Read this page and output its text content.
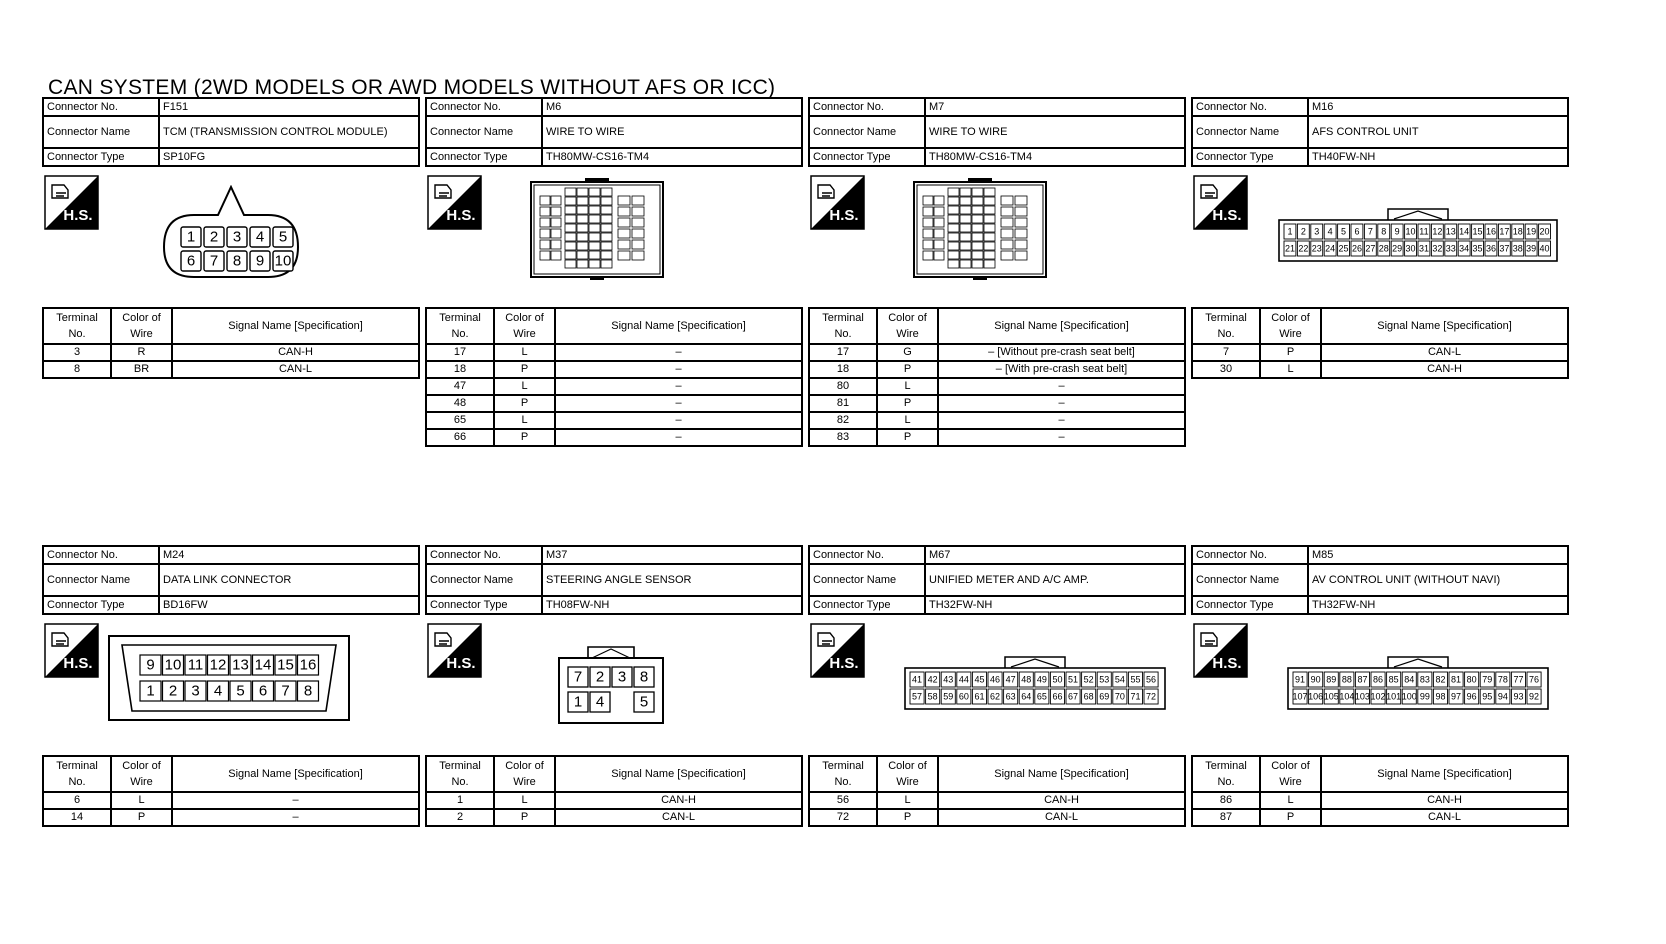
CAN SYSTEM (2WD MODELS OR AWD MODELS WITHOUT AFS OR ICC)
Connector No.	F151
Connector Name	TCM (TRANSMISSION CONTROL MODULE)
Connector Type	SP10FG
H.S.
1 2 3 4 5
6 7 8 9 10
Terminal No.	Color of Wire	Signal Name [Specification]
3	R	CAN-H
8	BR	CAN-L
Connector No.	M6
Connector Name	WIRE TO WIRE
Connector Type	TH80MW-CS16-TM4
H.S.
Terminal No.	Color of Wire	Signal Name [Specification]
17	L	–
18	P	–
47	L	–
48	P	–
65	L	–
66	P	–
Connector No.	M7
Connector Name	WIRE TO WIRE
Connector Type	TH80MW-CS16-TM4
H.S.
Terminal No.	Color of Wire	Signal Name [Specification]
17	G	– [Without pre-crash seat belt]
18	P	– [With pre-crash seat belt]
80	L	–
81	P	–
82	L	–
83	P	–
Connector No.	M16
Connector Name	AFS CONTROL UNIT
Connector Type	TH40FW-NH
H.S.
1 2 3 4 5 6 7 8 9 10 11 12 13 14 15 16 17 18 19 20
21 22 23 24 25 26 27 28 29 30 31 32 33 34 35 36 37 38 39 40
Terminal No.	Color of Wire	Signal Name [Specification]
7	P	CAN-L
30	L	CAN-H
Connector No.	M24
Connector Name	DATA LINK CONNECTOR
Connector Type	BD16FW
H.S.	9 10 11 12 13 14 15 16
1 2 3 4 5 6 7 8
Terminal No.	Color of Wire	Signal Name [Specification]
6	L	–
14	P	–
Connector No.	M37
Connector Name	STEERING ANGLE SENSOR
Connector Type	TH08FW-NH
H.S.
7 2 3 8
1 4 5
Terminal No.	Color of Wire	Signal Name [Specification]
1	L	CAN-H
2	P	CAN-L
Connector No.	M67
Connector Name	UNIFIED METER AND A/C AMP.
Connector Type	TH32FW-NH
H.S.
41 42 43 44 45 46 47 48 49 50 51 52 53 54 55 56
57 58 59 60 61 62 63 64 65 66 67 68 69 70 71 72
Terminal No.	Color of Wire	Signal Name [Specification]
56	L	CAN-H
72	P	CAN-L
Connector No.	M85
Connector Name	AV CONTROL UNIT (WITHOUT NAVI)
Connector Type	TH32FW-NH
H.S.
91 90 89 88 87 86 85 84 83 82 81 80 79 78 77 76
107 106 105 104 103 102 101 100 99 98 97 96 95 94 93 92
Terminal No.	Color of Wire	Signal Name [Specification]
86	L	CAN-H
87	P	CAN-L
